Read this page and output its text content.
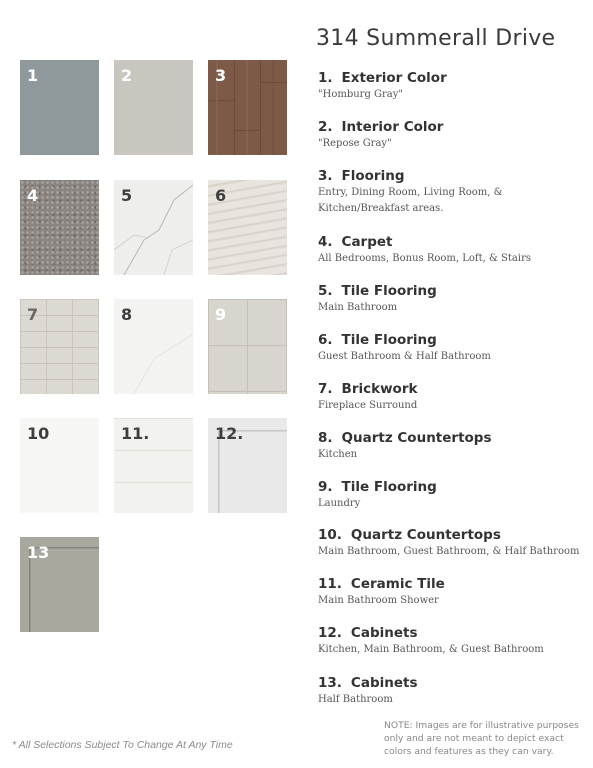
1	2	3
4	5	6
7	8	9
10	11.	12.
13
314 Summerall Drive
1. Exterior Color
"Homburg Gray"
2. Interior Color
"Repose Gray"
3. Flooring
Entry, Dining Room, Living Room, & Kitchen/Breakfast areas.
4. Carpet
All Bedrooms, Bonus Room, Loft, & Stairs
5. Tile Flooring
Main Bathroom
6. Tile Flooring
Guest Bathroom & Half Bathroom
7. Brickwork
Fireplace Surround
8. Quartz Countertops
Kitchen
9. Tile Flooring
Laundry
10. Quartz Countertops
Main Bathroom, Guest Bathroom, & Half Bathroom
11. Ceramic Tile
Main Bathroom Shower
12. Cabinets
Kitchen, Main Bathroom, & Guest Bathroom
13. Cabinets
Half Bathroom
* All Selections Subject To Change At Any Time
NOTE: Images are for illustrative purposes only and are not meant to depict exact colors and features as they can vary.
